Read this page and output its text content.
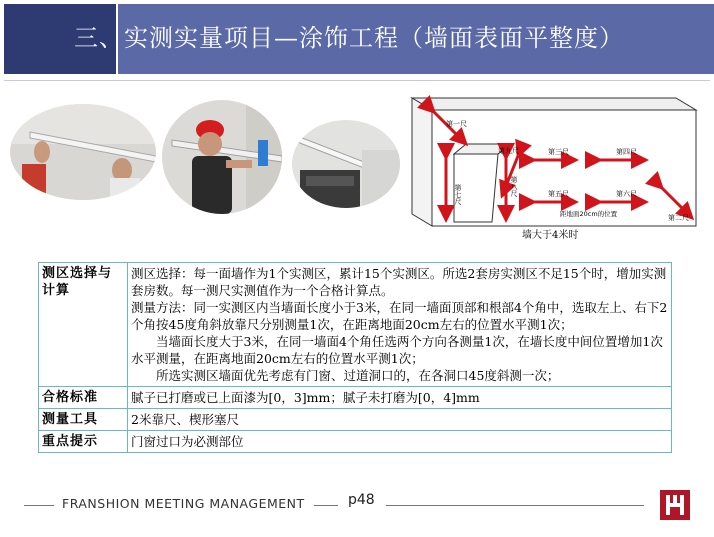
三、实测实量项目—涂饰工程（墙面表面平整度）
第一尺
第二尺
第三尺	第四尺
第五尺	第六尺
第七尺	第八尺
第九尺
距地面20cm的位置
墙大于4米时
测区选择与计算	测区选择：每一面墙作为1个实测区，累计15个实测区。所选2套房实测区不足15个时，增加实测套房数。每一测尺实测值作为一个合格计算点。

测量方法：同一实测区内当墙面长度小于3米，在同一墙面顶部和根部4个角中，选取左上、右下2个角按45度角斜放靠尺分别测量1次，在距离地面20cm左右的位置水平测1次；

当墙面长度大于3米，在同一墙面4个角任选两个方向各测量1次，在墙长度中间位置增加1次水平测量，在距离地面20cm左右的位置水平测1次；

所选实测区墙面优先考虑有门窗、过道洞口的，在各洞口45度斜测一次；

合格标准	腻子已打磨或已上面漆为[0，3]mm；腻子未打磨为[0，4]mm
测量工具	2米靠尺、楔形塞尺
重点提示	门窗过口为必测部位
FRANSHION MEETING MANAGEMENT	p48
